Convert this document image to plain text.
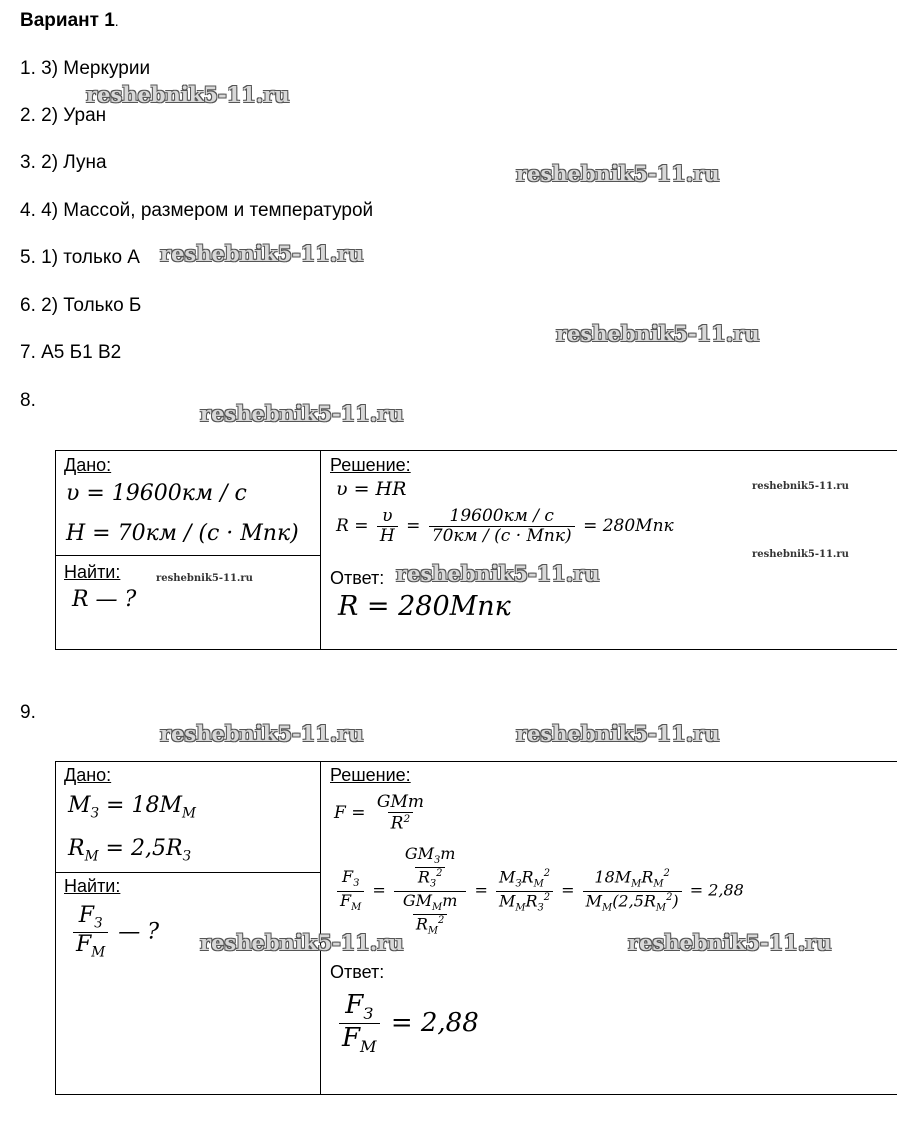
Вариант 1.
1. 3) Меркурии
2. 2) Уран
3. 2) Луна
4. 4) Массой, размером и температурой
5. 1) только А
6. 2) Только Б
7. А5 Б1 В2
8.
Дано:
υ = 19600км / с
H = 70км / (с · Мпк)
Найти:
R — ?
Решение:
υ = HR
$R = \frac{\upsilon}{H} = \frac{19600км / с}{\text{70км / (с · Мпк)}} = 280Мпк$
Ответ:
R = 280Мпк
9.
Дано:
$M_З = 18M_М$
$R_М = 2,5R_З$
Найти:
$\frac{F_З}{F_М}$ — ?
Решение:
$F = \frac{\text{GMm}}{R^2}$
$\frac{F_З}{F_М} = \frac{\frac{GM_Зm}{R_З^2}}{\frac{GM_Мm}{R_М^2}} = \frac{M_ЗR_М^2}{M_МR_З^2} = \frac{18M_МR_М^2}{M_М(2,5R_М^2)} = 2,88$
Ответ:
$\frac{F_З}{F_М} = 2,88$
reshebnik5-11.ru
reshebnik5-11.ru
reshebnik5-11.ru
reshebnik5-11.ru
reshebnik5-11.ru
reshebnik5-11.ru
reshebnik5-11.ru
reshebnik5-11.ru	reshebnik5-11.ru
reshebnik5-11.ru	reshebnik5-11.ru
reshebnik5-11.ru	reshebnik5-11.ru
